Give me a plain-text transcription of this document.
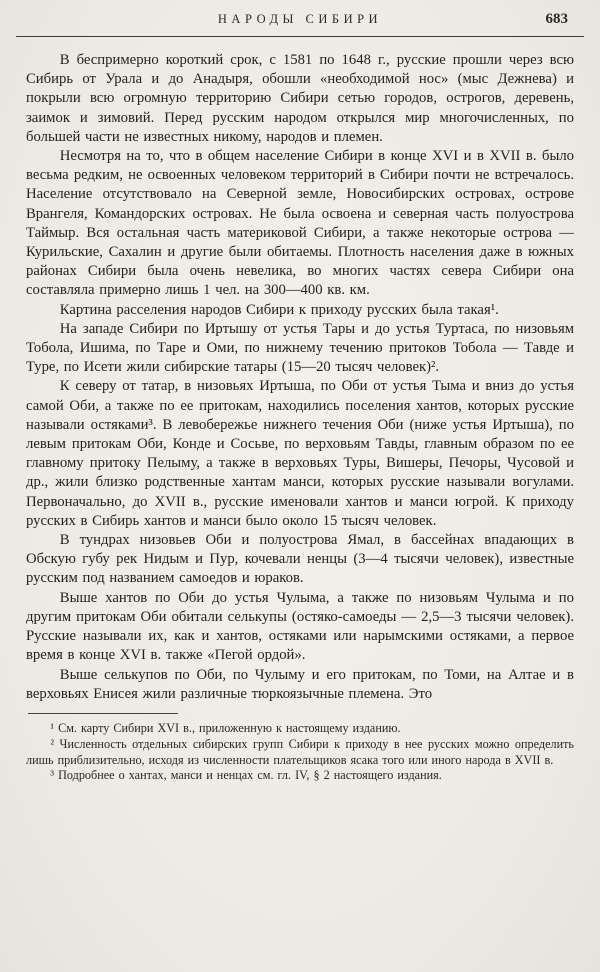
НАРОДЫ СИБИРИ	683

В беспримерно короткий срок, с 1581 по 1648 г., русские прошли через всю Сибирь от Урала и до Анадыря, обошли «необходимой нос» (мыс Дежнева) и покрыли всю огромную территорию Сибири сетью городов, острогов, деревень, заимок и зимовий. Перед русским народом открылся мир многочисленных, по большей части не известных никому, народов и племен.

Несмотря на то, что в общем население Сибири в конце XVI и в XVII в. было весьма редким, не освоенных человеком территорий в Сибири почти не встречалось. Население отсутствовало на Северной земле, Новосибирских островах, острове Врангеля, Командорских островах. Не была освоена и северная часть полуострова Таймыр. Вся остальная часть материковой Сибири, а также некоторые острова — Курильские, Сахалин и другие были обитаемы. Плотность населения даже в южных районах Сибири была очень невелика, во многих частях севера Сибири она составляла примерно лишь 1 чел. на 300—400 кв. км.

Картина расселения народов Сибири к приходу русских была такая¹.

На западе Сибири по Иртышу от устья Тары и до устья Туртаса, по низовьям Тобола, Ишима, по Таре и Оми, по нижнему течению притоков Тобола — Тавде и Туре, по Исети жили сибирские татары (15—20 тысяч человек)².

К северу от татар, в низовьях Иртыша, по Оби от устья Тыма и вниз до устья самой Оби, а также по ее притокам, находились поселения хантов, которых русские называли остяками³. В левобережье нижнего течения Оби (ниже устья Иртыша), по левым притокам Оби, Конде и Сосьве, по верховьям Тавды, главным образом по ее главному притоку Пелыму, а также в верховьях Туры, Вишеры, Печоры, Чусовой и др., жили близко родственные хантам манси, которых русские называли вогулами. Первоначально, до XVII в., русские именовали хантов и манси югрой. К приходу русских в Сибирь хантов и манси было около 15 тысяч человек.

В тундрах низовьев Оби и полуострова Ямал, в бассейнах впадающих в Обскую губу рек Нидым и Пур, кочевали ненцы (3—4 тысячи человек), известные русским под названием самоедов и юраков.

Выше хантов по Оби до устья Чулыма, а также по низовьям Чулыма и по другим притокам Оби обитали селькупы (остяко-самоеды — 2,5—3 тысячи человек). Русские называли их, как и хантов, остяками или нарымскими остяками, а первое время в конце XVI в. также «Пегой ордой».

Выше селькупов по Оби, по Чулыму и его притокам, по Томи, на Алтае и в верховьях Енисея жили различные тюркоязычные племена. Это

¹ См. карту Сибири XVI в., приложенную к настоящему изданию.

² Численность отдельных сибирских групп Сибири к приходу в нее русских можно определить лишь приблизительно, исходя из численности плательщиков ясака того или иного народа в XVII в.

³ Подробнее о хантах, манси и ненцах см. гл. IV, § 2 настоящего издания.
